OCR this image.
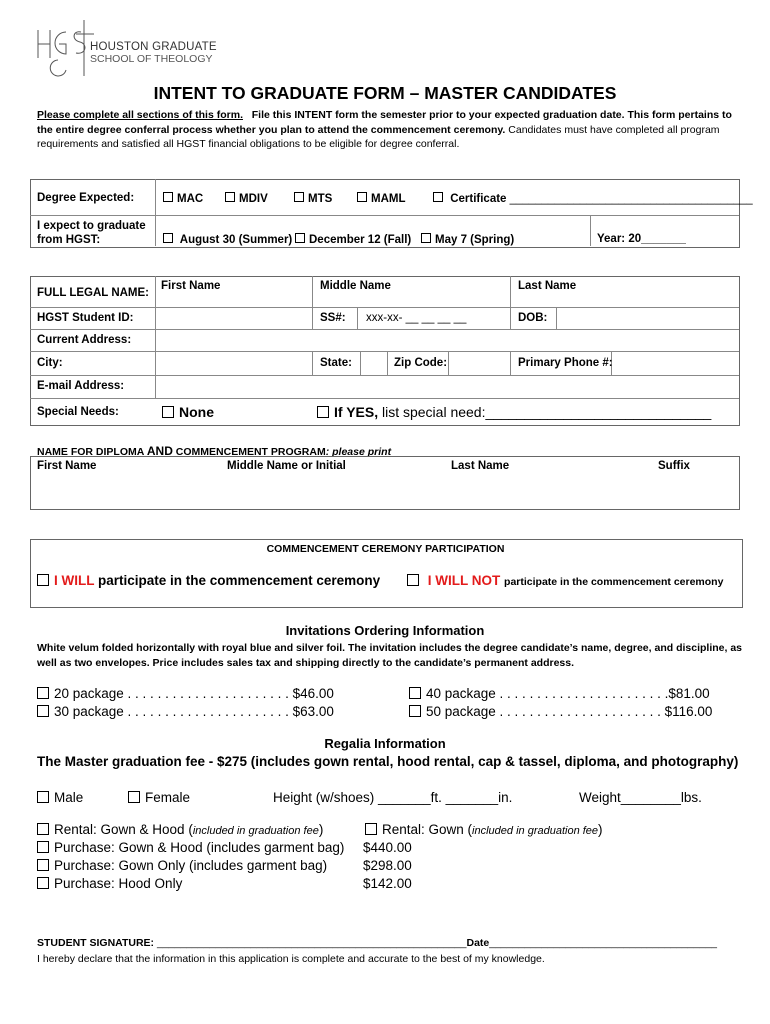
HOUSTON GRADUATE
SCHOOL OF THEOLOGY
INTENT TO GRADUATE FORM – MASTER CANDIDATES
Please complete all sections of this form. File this INTENT form the semester prior to your expected graduation date. This form pertains to
the entire degree conferral process whether you plan to attend the commencement ceremony. Candidates must have completed all program
requirements and satisfied all HGST financial obligations to be eligible for degree conferral.
Degree Expected:	MAC	MDIV	MTS	MAML	Certificate ______________________________________
I expect to graduate
from HGST:	August 30 (Summer)	December 12 (Fall)	May 7 (Spring)	Year: 20_______
FULL LEGAL NAME:
First Name	Middle Name	Last Name
HGST Student ID:	SS#: xxx-xx- __ __ __ __	DOB:
Current Address:
City:	State:	Zip Code:	Primary Phone #:
E-mail Address:
Special Needs:	None	If YES, list special need:_____________________________
NAME FOR DIPLOMA AND COMMENCEMENT PROGRAM: please print
First Name	Middle Name or Initial	Last Name	Suffix
COMMENCEMENT CEREMONY PARTICIPATION
I WILL participate in the commencement ceremony	I WILL NOT participate in the commencement ceremony
Invitations Ordering Information
White velum folded horizontally with royal blue and silver foil. The invitation includes the degree candidate’s name, degree, and discipline, as
well as two envelopes. Price includes sales tax and shipping directly to the candidate’s permanent address.
20 package . . . . . . . . . . . . . . . . . . . . . . $46.00
30 package . . . . . . . . . . . . . . . . . . . . . . $63.00
40 package . . . . . . . . . . . . . . . . . . . . . . .$81.00
50 package . . . . . . . . . . . . . . . . . . . . . . $116.00
Regalia Information
The Master graduation fee - $275 (includes gown rental, hood rental, cap & tassel, diploma, and photography)
Male	Female	Height (w/shoes) _______ft. _______in.	Weight________lbs.
Rental: Gown & Hood (included in graduation fee)	Rental: Gown (included in graduation fee)
Purchase: Gown & Hood (includes garment bag) $440.00
Purchase: Gown Only (includes garment bag)	$298.00
Purchase: Hood Only	$142.00
STUDENT SIGNATURE: _____________________________________________________Date_______________________________________
I hereby declare that the information in this application is complete and accurate to the best of my knowledge.
